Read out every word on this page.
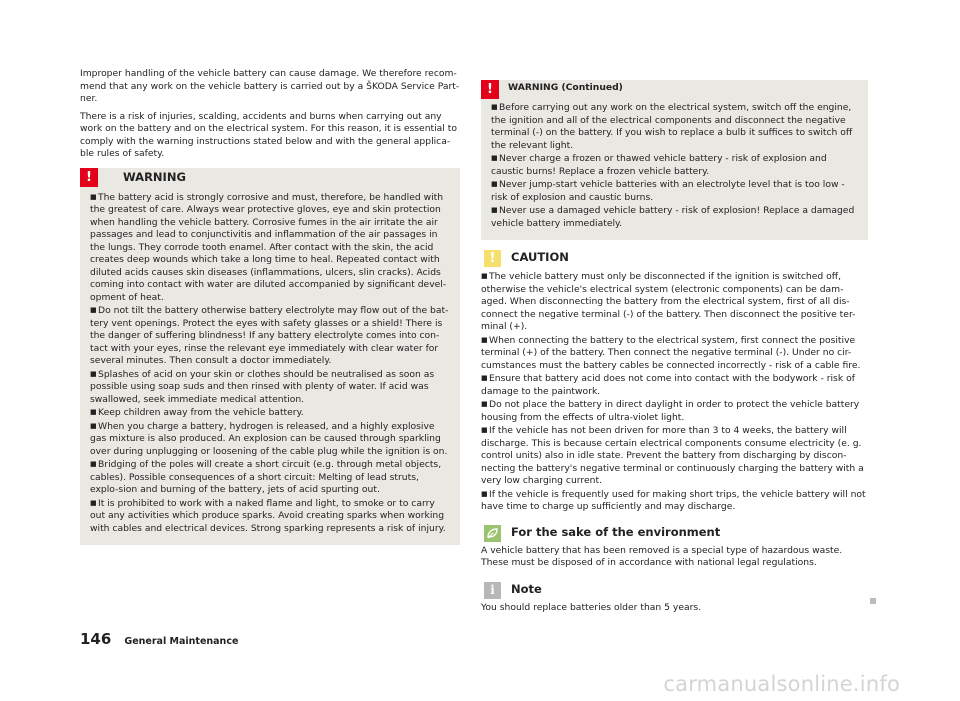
Improper handling of the vehicle battery can cause damage. We therefore recom-mend that any work on the vehicle battery is carried out by a ŠKODA Service Part-ner.

There is a risk of injuries, scalding, accidents and burns when carrying out any work on the battery and on the electrical system. For this reason, it is essential to comply with the warning instructions stated below and with the general applica-ble rules of safety.

!	WARNING

■The battery acid is strongly corrosive and must, therefore, be handled with the greatest of care. Always wear protective gloves, eye and skin protection when handling the vehicle battery. Corrosive fumes in the air irritate the air passages and lead to conjunctivitis and inflammation of the air passages in the lungs. They corrode tooth enamel. After contact with the skin, the acid creates deep wounds which take a long time to heal. Repeated contact with diluted acids causes skin diseases (inflammations, ulcers, slin cracks). Acids coming into contact with water are diluted accompanied by significant devel-opment of heat.

■Do not tilt the battery otherwise battery electrolyte may flow out of the bat-tery vent openings. Protect the eyes with safety glasses or a shield! There is the danger of suffering blindness! If any battery electrolyte comes into con-tact with your eyes, rinse the relevant eye immediately with clear water for several minutes. Then consult a doctor immediately.

■Splashes of acid on your skin or clothes should be neutralised as soon as possible using soap suds and then rinsed with plenty of water. If acid was swallowed, seek immediate medical attention.

■Keep children away from the vehicle battery.

■When you charge a battery, hydrogen is released, and a highly explosive gas mixture is also produced. An explosion can be caused through sparkling over during unplugging or loosening of the cable plug while the ignition is on.

■Bridging of the poles will create a short circuit (e.g. through metal objects, cables). Possible consequences of a short circuit: Melting of lead struts, explo-sion and burning of the battery, jets of acid spurting out.

■It is prohibited to work with a naked flame and light, to smoke or to carry out any activities which produce sparks. Avoid creating sparks when working with cables and electrical devices. Strong sparking represents a risk of injury.

!	WARNING (Continued)

■Before carrying out any work on the electrical system, switch off the engine, the ignition and all of the electrical components and disconnect the negative terminal (-) on the battery. If you wish to replace a bulb it suffices to switch off the relevant light.

■Never charge a frozen or thawed vehicle battery - risk of explosion and caustic burns! Replace a frozen vehicle battery.

■Never jump-start vehicle batteries with an electrolyte level that is too low - risk of explosion and caustic burns.

■Never use a damaged vehicle battery - risk of explosion! Replace a damaged vehicle battery immediately.

!	CAUTION

■The vehicle battery must only be disconnected if the ignition is switched off, otherwise the vehicle's electrical system (electronic components) can be dam-aged. When disconnecting the battery from the electrical system, first of all dis-connect the negative terminal (-) of the battery. Then disconnect the positive ter-minal (+).

■When connecting the battery to the electrical system, first connect the positive terminal (+) of the battery. Then connect the negative terminal (-). Under no cir-cumstances must the battery cables be connected incorrectly - risk of a cable fire.

■Ensure that battery acid does not come into contact with the bodywork - risk of damage to the paintwork.

■Do not place the battery in direct daylight in order to protect the vehicle battery housing from the effects of ultra-violet light.

■If the vehicle has not been driven for more than 3 to 4 weeks, the battery will discharge. This is because certain electrical components consume electricity (e. g. control units) also in idle state. Prevent the battery from discharging by discon-necting the battery's negative terminal or continuously charging the battery with a very low charging current.

■If the vehicle is frequently used for making short trips, the vehicle battery will not have time to charge up sufficiently and may discharge.

For the sake of the environment

A vehicle battery that has been removed is a special type of hazardous waste. These must be disposed of in accordance with national legal regulations.

i	Note

You should replace batteries older than 5 years.

146 General Maintenance
carmanualsonline.info
